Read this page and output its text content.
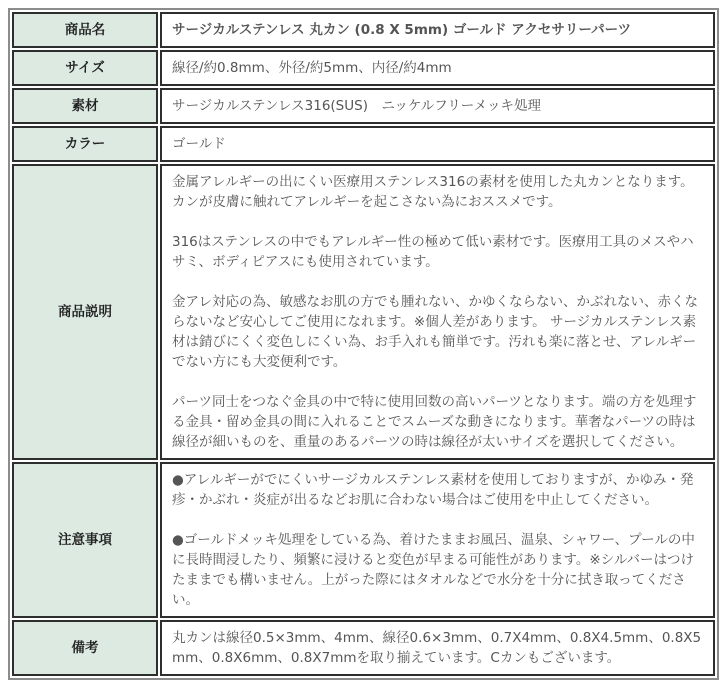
商品名	サージカルステンレス 丸カン (0.8 X 5mm) ゴールド アクセサリーパーツ
サイズ	線径/約0.8mm、外径/約5mm、内径/約4mm
素材	サージカルステンレス316(SUS)　ニッケルフリーメッキ処理
カラー	ゴールド
商品説明	金属アレルギーの出にくい医療用ステンレス316の素材を使用した丸カンとなります。カンが皮膚に触れてアレルギーを起こさない為におススメです。

316はステンレスの中でもアレルギー性の極めて低い素材です。医療用工具のメスやハサミ、ボディピアスにも使用されています。

金アレ対応の為、敏感なお肌の方でも腫れない、かゆくならない、かぶれない、赤くならないなど安心してご使用になれます。※個人差があります。 サージカルステンレス素材は錆びにくく変色しにくい為、お手入れも簡単です。汚れも楽に落とせ、アレルギーでない方にも大変便利です。

パーツ同士をつなぐ金具の中で特に使用回数の高いパーツとなります。端の方を処理する金具・留め金具の間に入れることでスムーズな動きになります。華奢なパーツの時は線径が細いものを、重量のあるパーツの時は線径が太いサイズを選択してください。

注意事項	●アレルギーがでにくいサージカルステンレス素材を使用しておりますが、かゆみ・発疹・かぶれ・炎症が出るなどお肌に合わない場合はご使用を中止してください。

●ゴールドメッキ処理をしている為、着けたままお風呂、温泉、シャワー、プールの中に長時間浸したり、頻繁に浸けると変色が早まる可能性があります。※シルバーはつけたままでも構いません。上がった際にはタオルなどで水分を十分に拭き取ってください。

備考	丸カンは線径0.5×3mm、4mm、線径0.6×3mm、0.7X4mm、0.8X4.5mm、0.8X5mm、0.8X6mm、0.8X7mmを取り揃えています。Cカンもございます。
